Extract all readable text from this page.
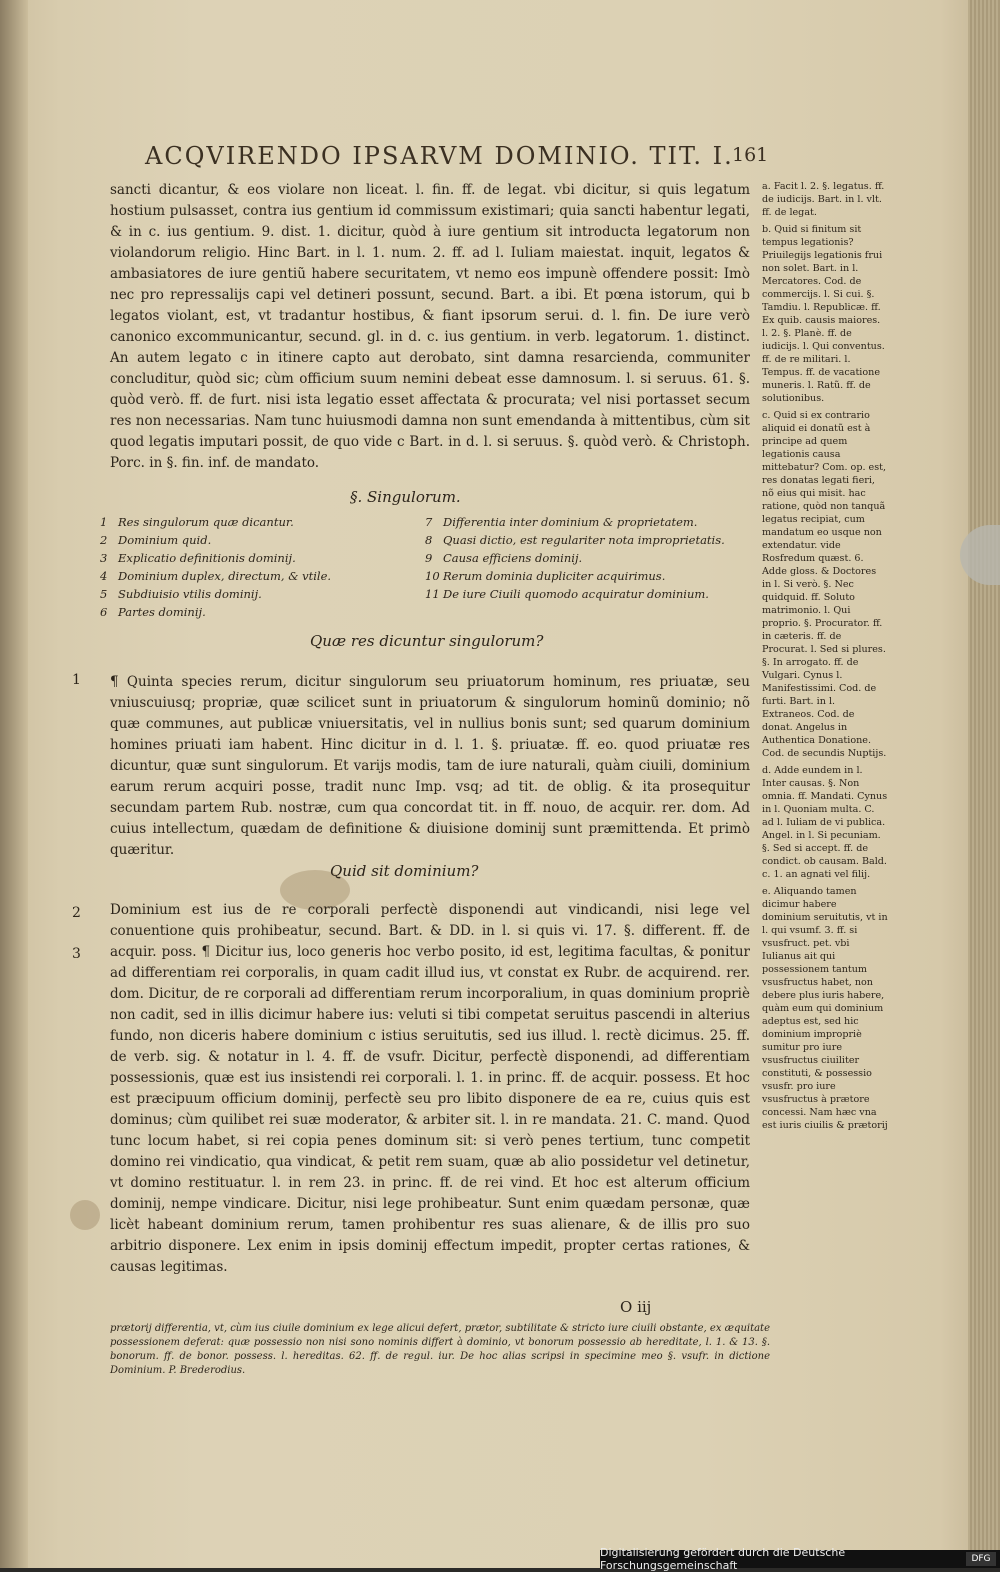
ACQVIRENDO IPSARVM DOMINIO. TIT. I.
161

sancti dicantur, & eos violare non liceat. l. fin. ff. de legat. vbi dicitur, si quis legatum hostium pulsasset, contra ius gentium id commissum existimari; quia sancti habentur legati, & in c. ius gentium. 9. dist. 1. dicitur, quòd à iure gentium sit introducta legatorum non violandorum religio. Hinc Bart. in l. 1. num. 2. ff. ad l. Iuliam maiestat. inquit, legatos & ambasiatores de iure gentiũ habere securitatem, vt nemo eos impunè offendere possit: Imò nec pro repressalijs capi vel detineri possunt, secund. Bart. a ibi. Et pœna istorum, qui b legatos violant, est, vt tradantur hostibus, & fiant ipsorum serui. d. l. fin. De iure verò canonico excommunicantur, secund. gl. in d. c. ius gentium. in verb. legatorum. 1. distinct. An autem legato c in itinere capto aut derobato, sint damna resarcienda, communiter concluditur, quòd sic; cùm officium suum nemini debeat esse damnosum. l. si seruus. 61. §. quòd verò. ff. de furt. nisi ista legatio esset affectata & procurata; vel nisi portasset secum res non necessarias. Nam tunc huiusmodi damna non sunt emendanda à mittentibus, cùm sit quod legatis imputari possit, de quo vide c Bart. in d. l. si seruus. §. quòd verò. & Christoph. Porc. in §. fin. inf. de mandato.

§. Singulorum.
1 Res singulorum quæ dicantur.
2 Dominium quid.
3 Explicatio definitionis dominij.
4 Dominium duplex, directum, & vtile.
5 Subdiuisio vtilis dominij.
6 Partes dominij.
7 Differentia inter dominium & proprietatem.
8 Quasi dictio, est regulariter nota improprietatis.
9 Causa efficiens dominij.
10 Rerum dominia dupliciter acquirimus.
11 De iure Ciuili quomodo acquiratur dominium.
Quæ res dicuntur singulorum?
1 ¶ Quinta species rerum, dicitur singulorum seu priuatorum hominum, res priuatæ, seu vniuscuiusq; propriæ, quæ scilicet sunt in priuatorum & singulorum hominũ dominio; nõ quæ communes, aut publicæ vniuersitatis, vel in nullius bonis sunt; sed quarum dominium homines priuati iam habent. Hinc dicitur in d. l. 1. §. priuatæ. ff. eo. quod priuatæ res dicuntur, quæ sunt singulorum. Et varijs modis, tam de iure naturali, quàm ciuili, dominium earum rerum acquiri posse, tradit nunc Imp. vsq; ad tit. de oblig. & ita prosequitur secundam partem Rub. nostræ, cum qua concordat tit. in ff. nouo, de acquir. rer. dom. Ad cuius intellectum, quædam de definitione & diuisione dominij sunt præmittenda. Et primò quæritur.
Quid sit dominium?
2
3
Dominium est ius de re corporali perfectè disponendi aut vindicandi, nisi lege vel conuentione quis prohibeatur, secund. Bart. & DD. in l. si quis vi. 17. §. different. ff. de acquir. poss. ¶ Dicitur ius, loco generis hoc verbo posito, id est, legitima facultas, & ponitur ad differentiam rei corporalis, in quam cadit illud ius, vt constat ex Rubr. de acquirend. rer. dom. Dicitur, de re corporali ad differentiam rerum incorporalium, in quas dominium propriè non cadit, sed in illis dicimur habere ius: veluti si tibi competat seruitus pascendi in alterius fundo, non diceris habere dominium c istius seruitutis, sed ius illud. l. rectè dicimus. 25. ff. de verb. sig. & notatur in l. 4. ff. de vsufr. Dicitur, perfectè disponendi, ad differentiam possessionis, quæ est ius insistendi rei corporali. l. 1. in princ. ff. de acquir. possess. Et hoc est præcipuum officium dominij, perfectè seu pro libito disponere de ea re, cuius quis est dominus; cùm quilibet rei suæ moderator, & arbiter sit. l. in re mandata. 21. C. mand. Quod tunc locum habet, si rei copia penes dominum sit: si verò penes tertium, tunc competit domino rei vindicatio, qua vindicat, & petit rem suam, quæ ab alio possidetur vel detinetur, vt domino restituatur. l. in rem 23. in princ. ff. de rei vind. Et hoc est alterum officium dominij, nempe vindicare. Dicitur, nisi lege prohibeatur. Sunt enim quædam personæ, quæ licèt habeant dominium rerum, tamen prohibentur res suas alienare, & de illis pro suo arbitrio disponere. Lex enim in ipsis dominij effectum impedit, propter certas rationes, & causas legitimas.
O iij
prætorij differentia, vt, cùm ius ciuile dominium ex lege alicui defert, prætor, subtilitate & stricto iure ciuili obstante, ex æquitate possessionem deferat: quæ possessio non nisi sono nominis differt à dominio, vt bonorum possessio ab hereditate, l. 1. & 13. §. bonorum. ff. de bonor. possess. l. hereditas. 62. ff. de regul. iur. De hoc alias scripsi in specimine meo §. vsufr. in dictione Dominium. P. Brederodius.

a. Facit l. 2. §. legatus. ff. de iudicijs. Bart. in l. vlt. ff. de legat.

b. Quid si finitum sit tempus legationis? Priuilegijs legationis frui non solet. Bart. in l. Mercatores. Cod. de commercijs. l. Si cui. §. Tamdiu. l. Republicæ. ff. Ex quib. causis maiores. l. 2. §. Planè. ff. de iudicijs. l. Qui conventus. ff. de re militari. l. Tempus. ff. de vacatione muneris. l. Ratũ. ff. de solutionibus.

c. Quid si ex contrario aliquid ei donatũ est à principe ad quem legationis causa mittebatur? Com. op. est, res donatas legati fieri, nõ eius qui misit. hac ratione, quòd non tanquã legatus recipiat, cum mandatum eo usque non extendatur. vide Rosfredum quæst. 6. Adde gloss. & Doctores in l. Si verò. §. Nec quidquid. ff. Soluto matrimonio. l. Qui proprio. §. Procurator. ff. in cæteris. ff. de Procurat. l. Sed si plures. §. In arrogato. ff. de Vulgari. Cynus l. Manifestissimi. Cod. de furti. Bart. in l. Extraneos. Cod. de donat. Angelus in Authentica Donatione. Cod. de secundis Nuptijs.

d. Adde eundem in l. Inter causas. §. Non omnia. ff. Mandati. Cynus in l. Quoniam multa. C. ad l. Iuliam de vi publica. Angel. in l. Si pecuniam. §. Sed si accept. ff. de condict. ob causam. Bald. c. 1. an agnati vel filij.

e. Aliquando tamen dicimur habere dominium seruitutis, vt in l. qui vsumf. 3. ff. si vsusfruct. pet. vbi Iulianus ait qui possessionem tantum vsusfructus habet, non debere plus iuris habere, quàm eum qui dominium adeptus est, sed hic dominium impropriè sumitur pro iure vsusfructus ciuiliter constituti, & possessio vsusfr. pro iure vsusfructus à prætore concessi. Nam hæc vna est iuris ciuilis & prætorij

Digitalisierung gefördert durch die Deutsche Forschungsgemeinschaft	DFG
